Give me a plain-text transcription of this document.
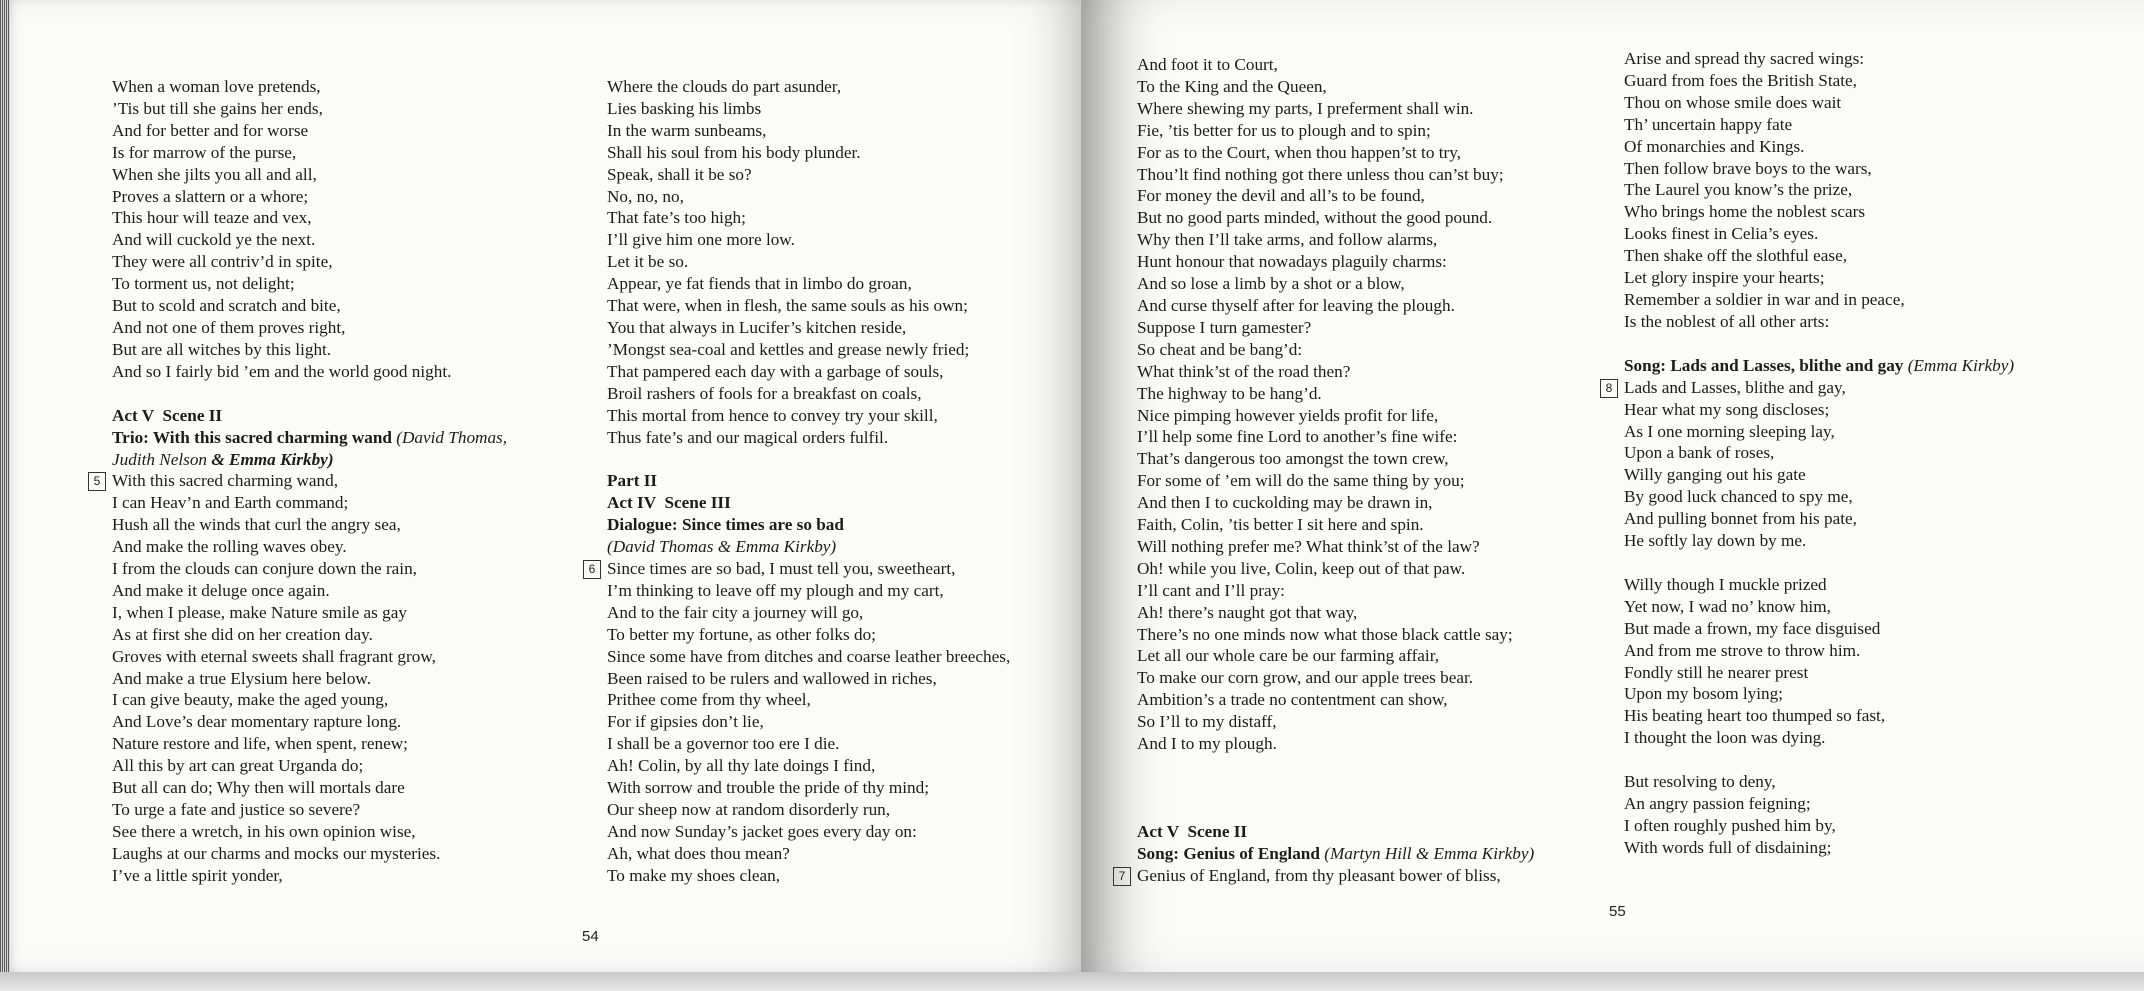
When a woman love pretends,
’Tis but till she gains her ends,
And for better and for worse
Is for marrow of the purse,
When she jilts you all and all,
Proves a slattern or a whore;
This hour will teaze and vex,
And will cuckold ye the next.
They were all contriv’d in spite,
To torment us, not delight;
But to scold and scratch and bite,
And not one of them proves right,
But are all witches by this light.
And so I fairly bid ’em and the world good night.
Act V  Scene II
Trio: With this sacred charming wand (David Thomas,
Judith Nelson & Emma Kirkby)
5 With this sacred charming wand,
I can Heav’n and Earth command;
Hush all the winds that curl the angry sea,
And make the rolling waves obey.
I from the clouds can conjure down the rain,
And make it deluge once again.
I, when I please, make Nature smile as gay
As at first she did on her creation day.
Groves with eternal sweets shall fragrant grow,
And make a true Elysium here below.
I can give beauty, make the aged young,
And Love’s dear momentary rapture long.
Nature restore and life, when spent, renew;
All this by art can great Urganda do;
But all can do; Why then will mortals dare
To urge a fate and justice so severe?
See there a wretch, in his own opinion wise,
Laughs at our charms and mocks our mysteries.
I’ve a little spirit yonder,
Where the clouds do part asunder,
Lies basking his limbs
In the warm sunbeams,
Shall his soul from his body plunder.
Speak, shall it be so?
No, no, no,
That fate’s too high;
I’ll give him one more low.
Let it be so.
Appear, ye fat fiends that in limbo do groan,
That were, when in flesh, the same souls as his own;
You that always in Lucifer’s kitchen reside,
’Mongst sea-coal and kettles and grease newly fried;
That pampered each day with a garbage of souls,
Broil rashers of fools for a breakfast on coals,
This mortal from hence to convey try your skill,
Thus fate’s and our magical orders fulfil.
Part II
Act IV  Scene III
Dialogue: Since times are so bad
(David Thomas & Emma Kirkby)
6 Since times are so bad, I must tell you, sweetheart,
I’m thinking to leave off my plough and my cart,
And to the fair city a journey will go,
To better my fortune, as other folks do;
Since some have from ditches and coarse leather breeches,
Been raised to be rulers and wallowed in riches,
Prithee come from thy wheel,
For if gipsies don’t lie,
I shall be a governor too ere I die.
Ah! Colin, by all thy late doings I find,
With sorrow and trouble the pride of thy mind;
Our sheep now at random disorderly run,
And now Sunday’s jacket goes every day on:
Ah, what does thou mean?
To make my shoes clean,
54
And foot it to Court,
To the King and the Queen,
Where shewing my parts, I preferment shall win.
Fie, ’tis better for us to plough and to spin;
For as to the Court, when thou happen’st to try,
Thou’lt find nothing got there unless thou can’st buy;
For money the devil and all’s to be found,
But no good parts minded, without the good pound.
Why then I’ll take arms, and follow alarms,
Hunt honour that nowadays plaguily charms:
And so lose a limb by a shot or a blow,
And curse thyself after for leaving the plough.
Suppose I turn gamester?
So cheat and be bang’d:
What think’st of the road then?
The highway to be hang’d.
Nice pimping however yields profit for life,
I’ll help some fine Lord to another’s fine wife:
That’s dangerous too amongst the town crew,
For some of ’em will do the same thing by you;
And then I to cuckolding may be drawn in,
Faith, Colin, ’tis better I sit here and spin.
Will nothing prefer me? What think’st of the law?
Oh! while you live, Colin, keep out of that paw.
I’ll cant and I’ll pray:
Ah! there’s naught got that way,
There’s no one minds now what those black cattle say;
Let all our whole care be our farming affair,
To make our corn grow, and our apple trees bear.
Ambition’s a trade no contentment can show,
So I’ll to my distaff,
And I to my plough.
Act V  Scene II
Song: Genius of England (Martyn Hill & Emma Kirkby)
7 Genius of England, from thy pleasant bower of bliss,
Arise and spread thy sacred wings:
Guard from foes the British State,
Thou on whose smile does wait
Th’ uncertain happy fate
Of monarchies and Kings.
Then follow brave boys to the wars,
The Laurel you know’s the prize,
Who brings home the noblest scars
Looks finest in Celia’s eyes.
Then shake off the slothful ease,
Let glory inspire your hearts;
Remember a soldier in war and in peace,
Is the noblest of all other arts:
Song: Lads and Lasses, blithe and gay (Emma Kirkby)
8 Lads and Lasses, blithe and gay,
Hear what my song discloses;
As I one morning sleeping lay,
Upon a bank of roses,
Willy ganging out his gate
By good luck chanced to spy me,
And pulling bonnet from his pate,
He softly lay down by me.
Willy though I muckle prized
Yet now, I wad no’ know him,
But made a frown, my face disguised
And from me strove to throw him.
Fondly still he nearer prest
Upon my bosom lying;
His beating heart too thumped so fast,
I thought the loon was dying.
But resolving to deny,
An angry passion feigning;
I often roughly pushed him by,
With words full of disdaining;
55
